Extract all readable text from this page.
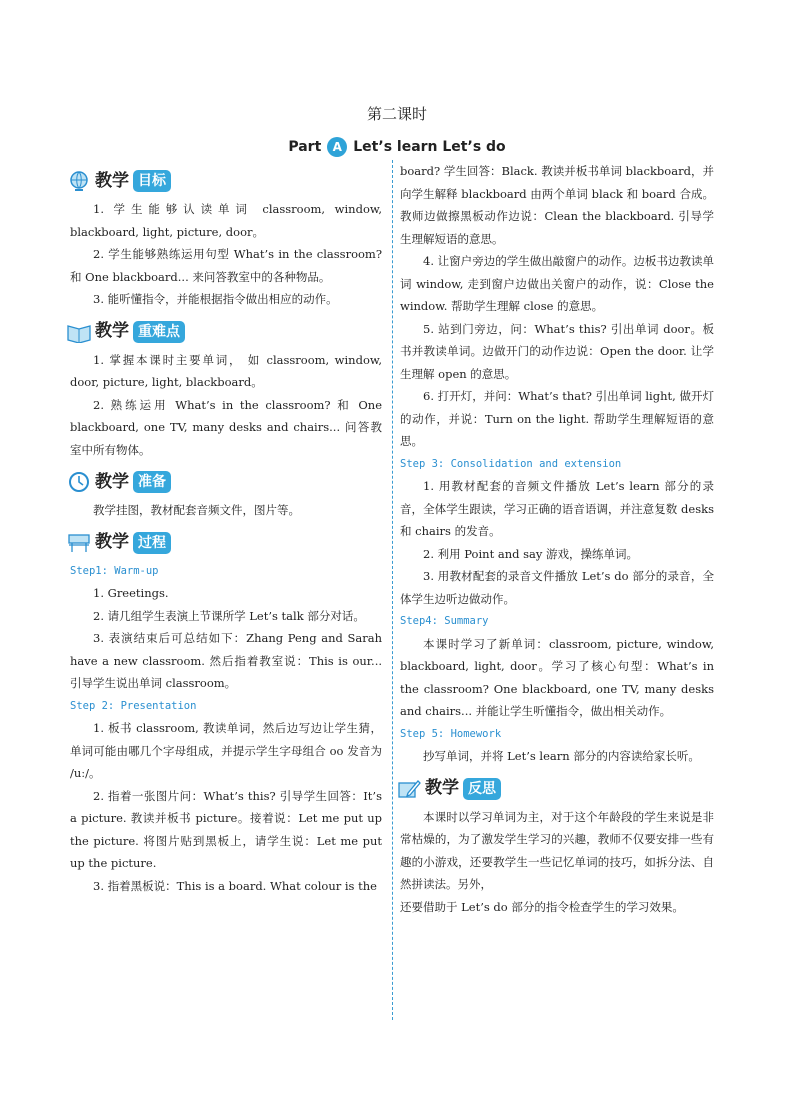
第二课时
Part A Let’s learn Let’s do
教学 目标

1. 学生能够认读单词 classroom, window, blackboard, light, picture, door。

2. 学生能够熟练运用句型 What’s in the classroom? 和 One blackboard... 来问答教室中的各种物品。

3. 能听懂指令，并能根据指令做出相应的动作。

教学 重难点

1. 掌握本课时主要单词， 如 classroom, window, door, picture, light, blackboard。

2. 熟练运用 What’s in the classroom? 和 One blackboard, one TV, many desks and chairs... 问答教室中所有物体。

教学 准备

教学挂图，教材配套音频文件，图片等。

教学 过程

Step1: Warm-up

1. Greetings.

2. 请几组学生表演上节课所学 Let’s talk 部分对话。

3. 表演结束后可总结如下：Zhang Peng and Sarah have a new classroom. 然后指着教室说：This is our... 引导学生说出单词 classroom。

Step 2: Presentation

1. 板书 classroom, 教读单词，然后边写边让学生猜，单词可能由哪几个字母组成，并提示学生字母组合 oo 发音为 /uː/。

2. 指着一张图片问：What’s this? 引导学生回答：It’s a picture. 教读并板书 picture。接着说：Let me put up the picture. 将图片贴到黑板上，请学生说：Let me put up the picture.

3. 指着黑板说：This is a board. What colour is the

board? 学生回答：Black. 教读并板书单词 blackboard，并向学生解释 blackboard 由两个单词 black 和 board 合成。教师边做擦黑板动作边说：Clean the blackboard. 引导学生理解短语的意思。

4. 让窗户旁边的学生做出敲窗户的动作。边板书边教读单词 window, 走到窗户边做出关窗户的动作，说：Close the window. 帮助学生理解 close 的意思。

5. 站到门旁边，问：What’s this? 引出单词 door。板书并教读单词。边做开门的动作边说：Open the door. 让学生理解 open 的意思。

6. 打开灯，并问：What’s that? 引出单词 light, 做开灯的动作，并说：Turn on the light. 帮助学生理解短语的意思。

Step 3: Consolidation and extension

1. 用教材配套的音频文件播放 Let’s learn 部分的录音，全体学生跟读，学习正确的语音语调，并注意复数 desks 和 chairs 的发音。

2. 利用 Point and say 游戏，操练单词。

3. 用教材配套的录音文件播放 Let’s do 部分的录音，全体学生边听边做动作。

Step4: Summary

本课时学习了新单词：classroom, picture, window, blackboard, light, door。学习了核心句型：What’s in the classroom? One blackboard, one TV, many desks and chairs... 并能让学生听懂指令，做出相关动作。

Step 5: Homework

抄写单词，并将 Let’s learn 部分的内容读给家长听。

教学 反思

本课时以学习单词为主，对于这个年龄段的学生来说是非常枯燥的，为了激发学生学习的兴趣，教师不仅要安排一些有趣的小游戏，还要教学生一些记忆单词的技巧，如拆分法、自然拼读法。另外，

还要借助于 Let’s do 部分的指令检查学生的学习效果。
